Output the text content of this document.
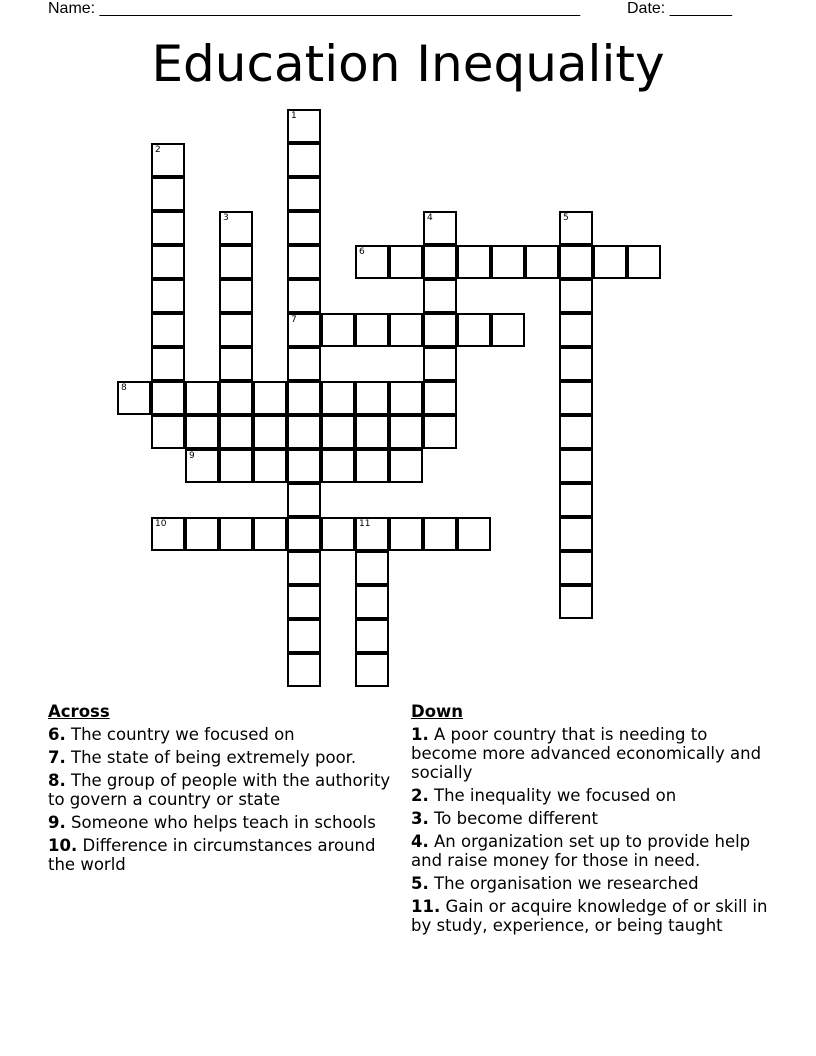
Name: ______________________________________________________	Date: _______
Education Inequality
1
7
2
3	4	5
11
6
8
9
10
Across
6. The country we focused on
7. The state of being extremely poor.
8. The group of people with the authority to govern a country or state
9. Someone who helps teach in schools
10. Difference in circumstances around the world
Down
1. A poor country that is needing to become more advanced economically and socially
2. The inequality we focused on
3. To become different
4. An organization set up to provide help and raise money for those in need.
5. The organisation we researched
11. Gain or acquire knowledge of or skill in by study, experience, or being taught
